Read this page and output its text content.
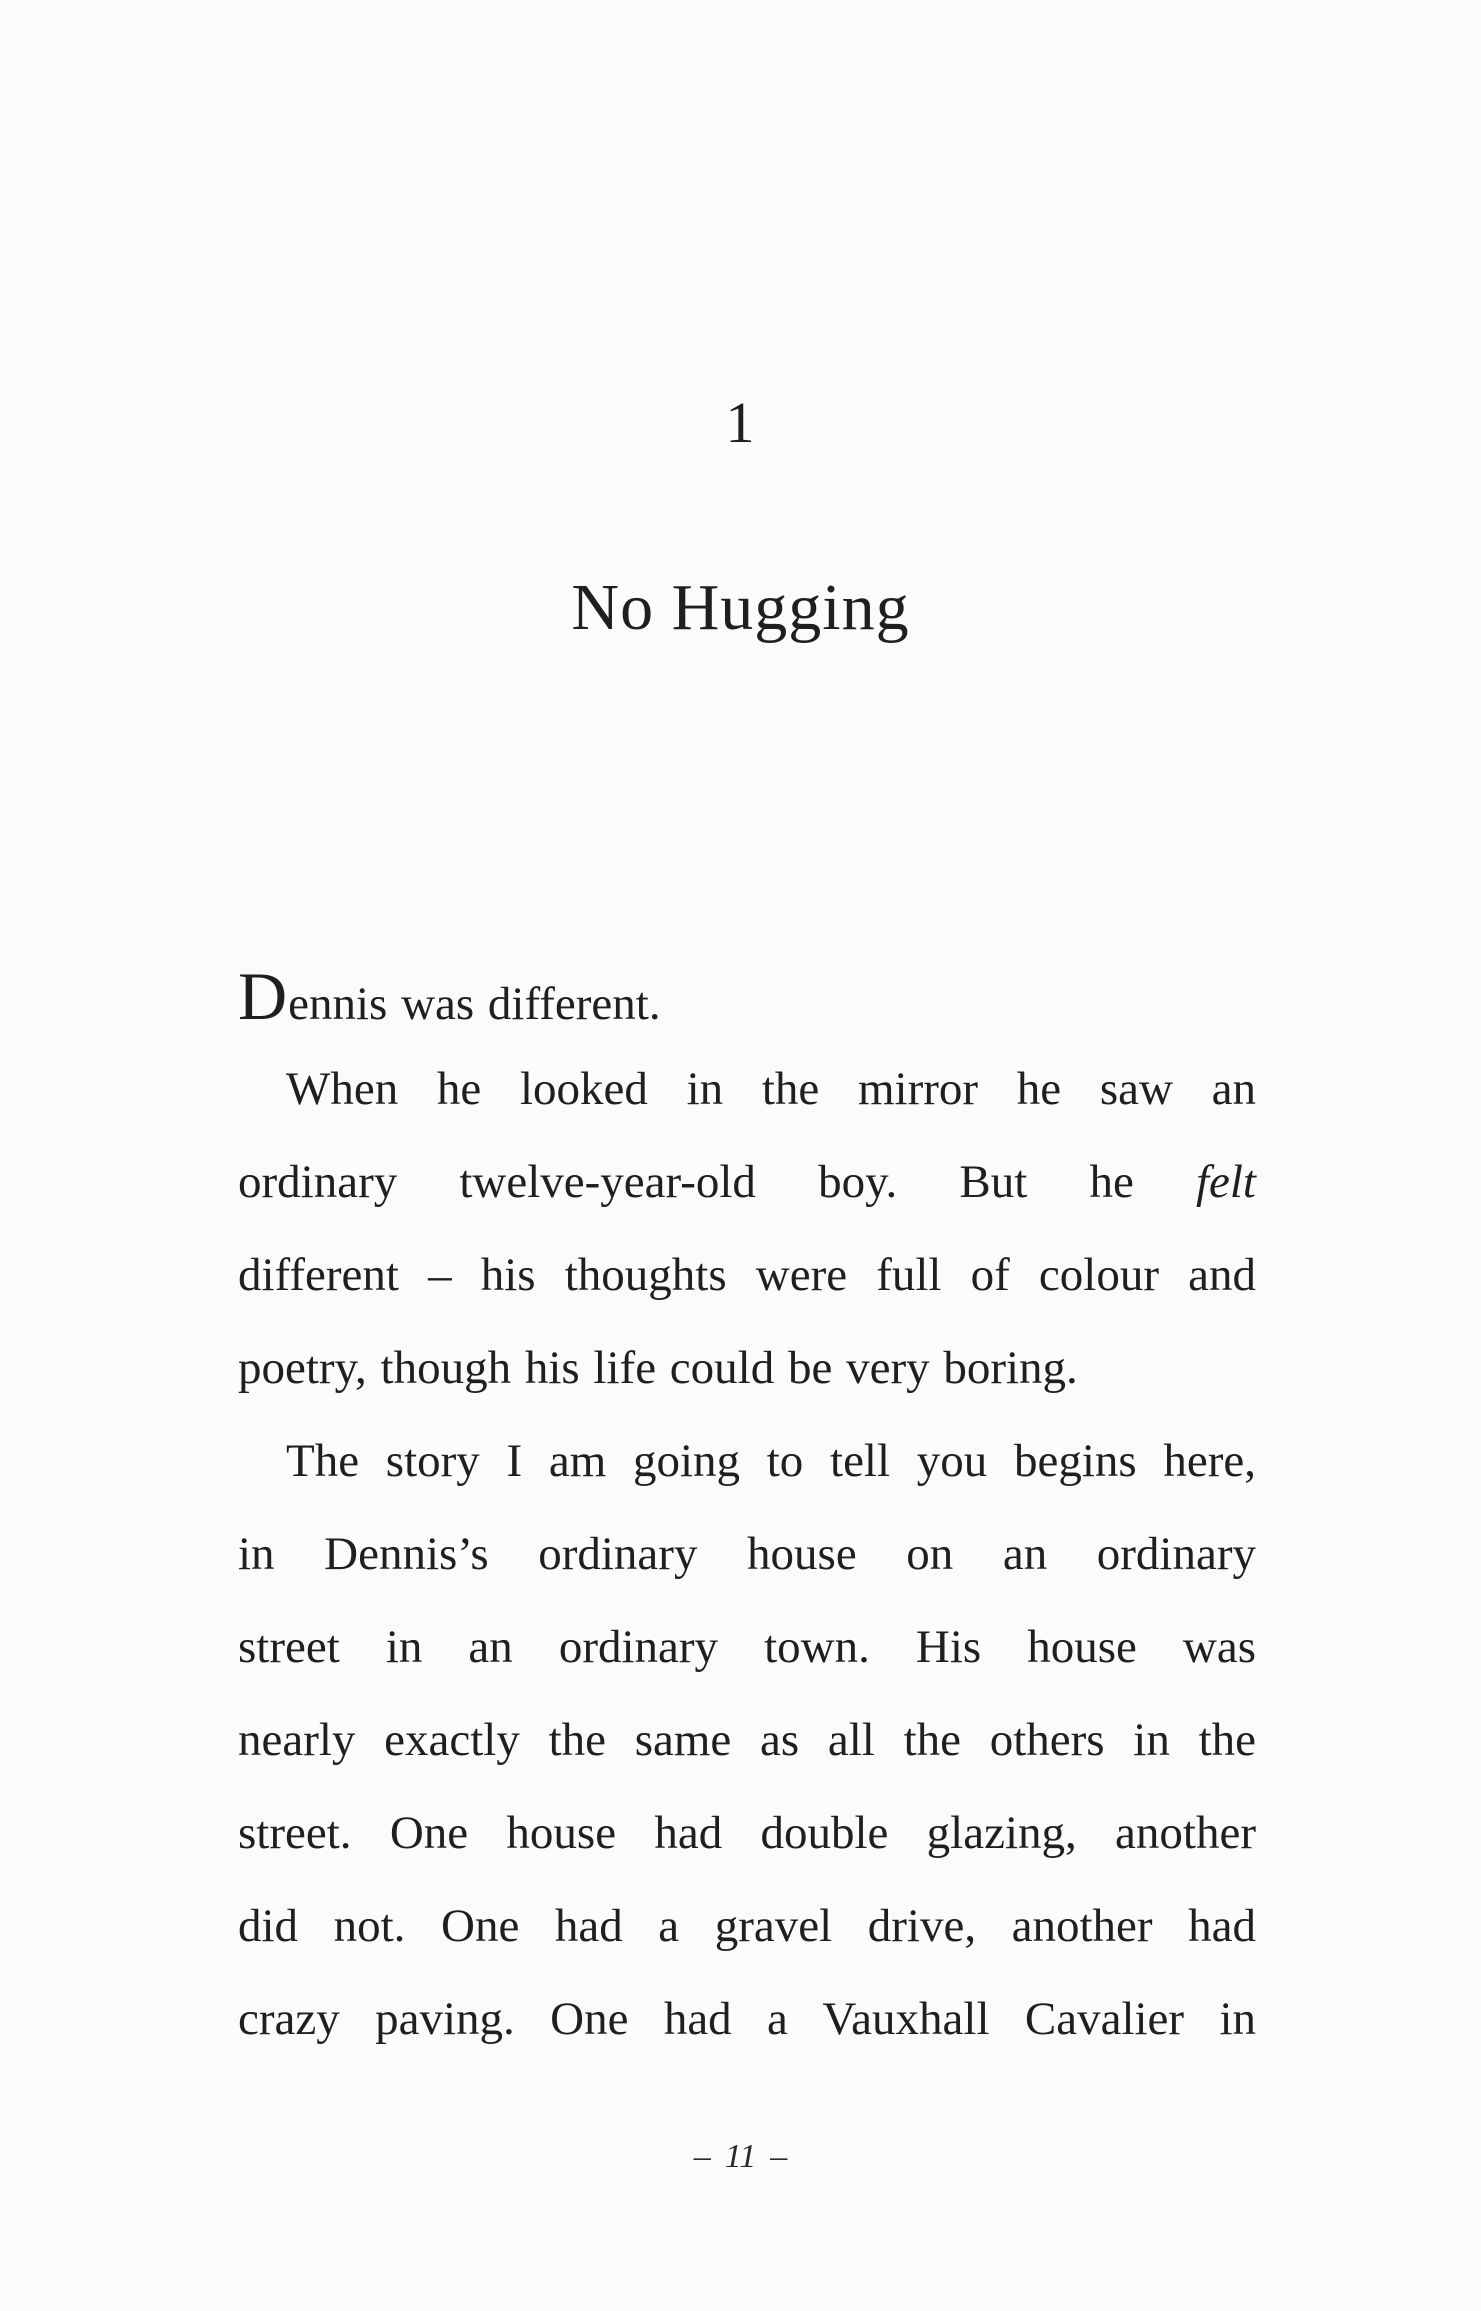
1
No Hugging
Dennis was different.
When he looked in the mirror he saw an
ordinary twelve-year-old boy. But he felt
different – his thoughts were full of colour and
poetry, though his life could be very boring.
The story I am going to tell you begins here,
in Dennis’s ordinary house on an ordinary
street in an ordinary town. His house was
nearly exactly the same as all the others in the
street. One house had double glazing, another
did not. One had a gravel drive, another had
crazy paving. One had a Vauxhall Cavalier in
– 11 –
